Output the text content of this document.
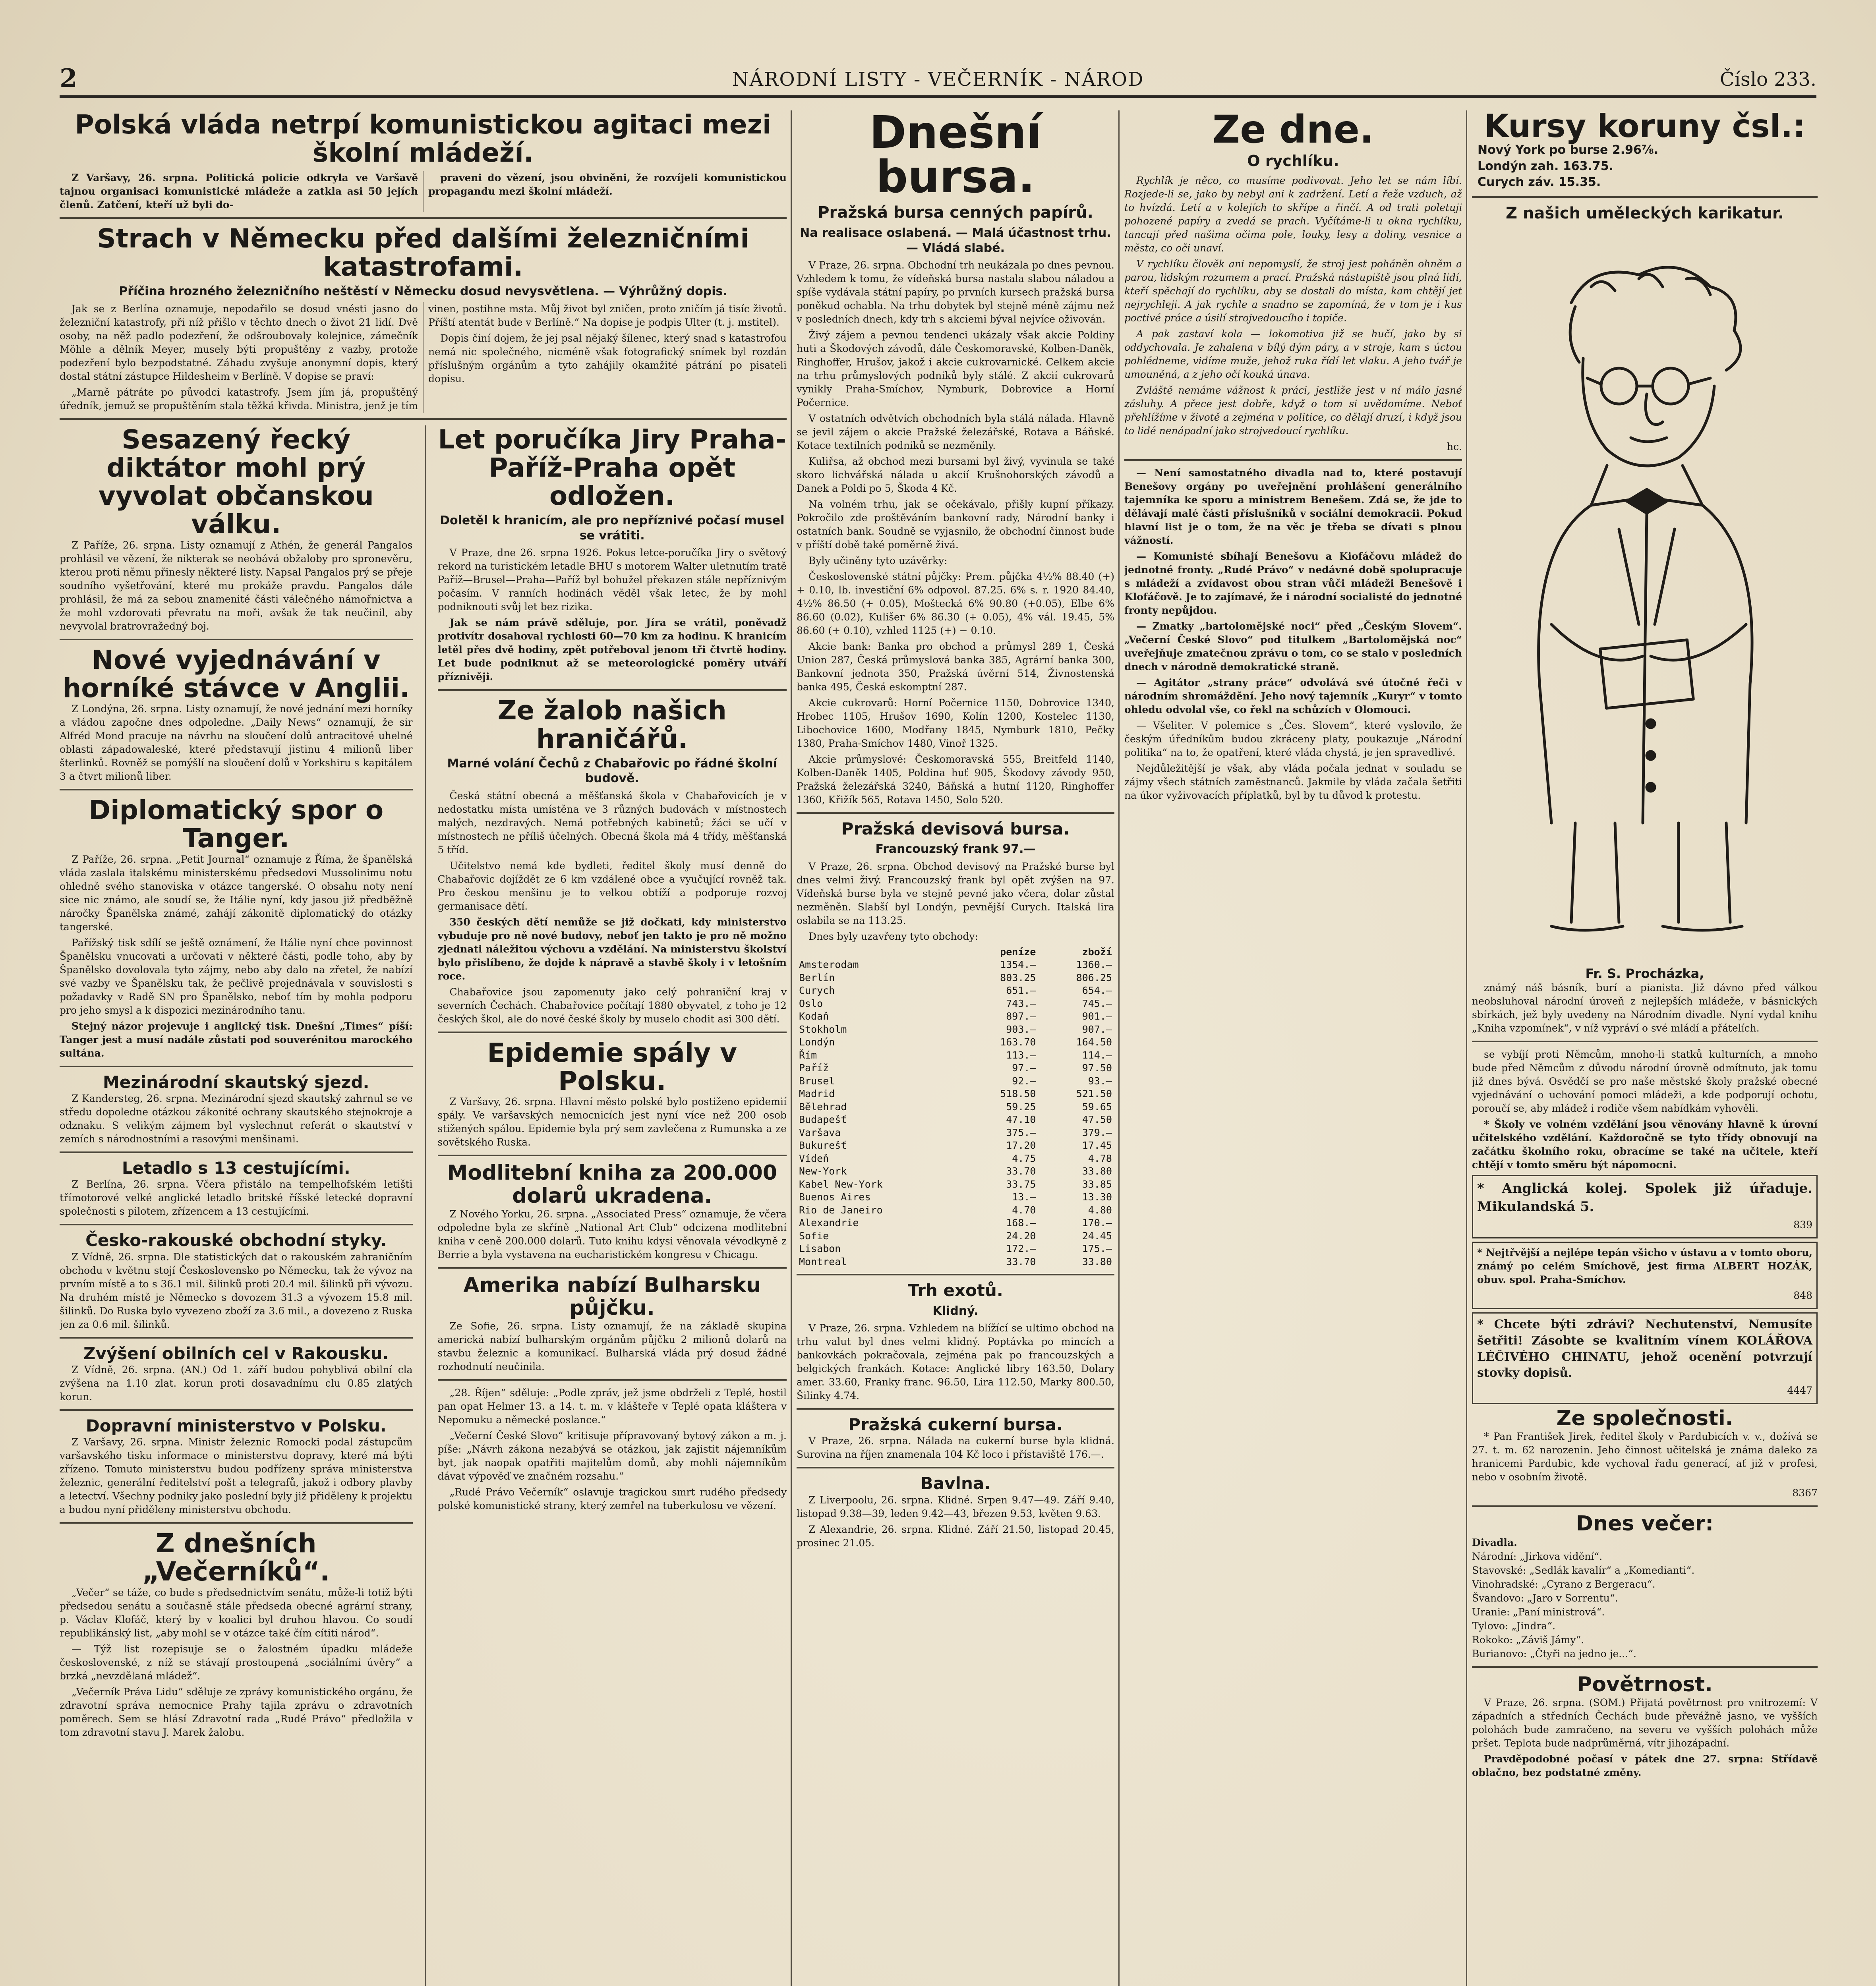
2	NÁRODNÍ LISTY - VEČERNÍK - NÁROD	Číslo 233.
Polská vláda netrpí komunistickou agitaci mezi školní mládeží.

Z Varšavy, 26. srpna. Politická policie odkryla ve Varšavě tajnou organisaci komunistické mládeže a zatkla asi 50 jejích členů. Zatčení, kteří už byli do-

praveni do vězení, jsou obviněni, že rozvíjeli komunistickou propagandu mezi školní mládeží.

Strach v Německu před dalšími železničními katastrofami.
Příčina hrozného železničního neštěstí v Německu dosud nevysvětlena. — Výhrůžný dopis.

Jak se z Berlína oznamuje, nepodařilo se dosud vnésti jasno do železniční katastrofy, při níž přišlo v těchto dnech o život 21 lidí. Dvě osoby, na něž padlo podezření, že odšroubovaly kolejnice, zámečník Möhle a dělník Meyer, musely býti propuštěny z vazby, protože podezření bylo bezpodstatné. Záhadu zvyšuje anonymní dopis, který dostal státní zástupce Hildesheim v Berlíně. V dopise se praví:

„Marně pátráte po původci katastrofy. Jsem jím já, propuštěný úředník, jemuž se propuštěním stala těžká křivda. Ministra, jenž je tím vinen, postihne msta. Můj život byl zničen, proto zničím já tisíc životů. Příští atentát bude v Berlíně.“ Na dopise je podpis Ulter (t. j. mstitel).

Dopis činí dojem, že jej psal nějaký šílenec, který snad s katastrofou nemá nic společného, nicméně však fotografický snímek byl rozdán příslušným orgánům a tyto zahájily okamžité pátrání po pisateli dopisu.

Sesazený řecký diktátor mohl prý vyvolat občanskou válku.

Z Paříže, 26. srpna. Listy oznamují z Athén, že generál Pangalos prohlásil ve vězení, že nikterak se neobává obžaloby pro spronevěru, kterou proti němu přinesly některé listy. Napsal Pangalos prý se přeje soudního vyšetřování, které mu prokáže pravdu. Pangalos dále prohlásil, že má za sebou znamenité části válečného námořnictva a že mohl vzdorovati převratu na moři, avšak že tak neučinil, aby nevyvolal bratrovražedný boj.

Nové vyjednávání v horníké stávce v Anglii.

Z Londýna, 26. srpna. Listy oznamují, že nové jednání mezi horníky a vládou započne dnes odpoledne. „Daily News“ oznamují, že sir Alfréd Mond pracuje na návrhu na sloučení dolů antracitové uhelné oblasti západowaleské, které představují jistinu 4 milionů liber šterlinků. Rovněž se pomýšlí na sloučení dolů v Yorkshiru s kapitálem 3 a čtvrt milionů liber.

Diplomatický spor o Tanger.

Z Paříže, 26. srpna. „Petit Journal“ oznamuje z Říma, že španělská vláda zaslala italskému ministerskému předsedovi Mussolinimu notu ohledně svého stanoviska v otázce tangerské. O obsahu noty není sice nic známo, ale soudí se, že Itálie nyní, kdy jasou již předběžně náročky Španělska známé, zahájí zákonitě diplomatický do otázky tangerské.

Pařížský tisk sdílí se ještě oznámení, že Itálie nyní chce povinnost Španělsku vnucovati a určovati v některé části, podle toho, aby by Španělsko dovolovala tyto zájmy, nebo aby dalo na zřetel, že nabízí své vazby ve Španělsku tak, že pečlivě projednávala v souvislosti s požadavky v Radě SN pro Španělsko, neboť tím by mohla podporu pro jeho smysl a k dispozici mezinárodního tanu.

Stejný názor projevuje i anglický tisk. Dnešní „Times“ píší: Tanger jest a musí nadále zůstati pod souverénitou marockého sultána.

Mezinárodní skautský sjezd.

Z Kandersteg, 26. srpna. Mezinárodní sjezd skautský zahrnul se ve středu dopoledne otázkou zákonité ochrany skautského stejnokroje a odznaku. S velikým zájmem byl vyslechnut referát o skautství v zemích s národnostními a rasovými menšinami.

Letadlo s 13 cestujícími.

Z Berlína, 26. srpna. Včera přistálo na tempelhofském letišti třímotorové velké anglické letadlo britské říšské letecké dopravní společnosti s pilotem, zřízencem a 13 cestujícími.

Česko-rakouské obchodní styky.

Z Vídně, 26. srpna. Dle statistických dat o rakouském zahraničním obchodu v květnu stojí Československo po Německu, tak že vývoz na prvním místě a to s 36.1 mil. šilinků proti 20.4 mil. šilinků při vývozu. Na druhém místě je Německo s dovozem 31.3 a vývozem 15.8 mil. šilinků. Do Ruska bylo vyvezeno zboží za 3.6 mil., a dovezeno z Ruska jen za 0.6 mil. šilinků.

Zvýšení obilních cel v Rakousku.

Z Vídně, 26. srpna. (AN.) Od 1. září budou pohyblivá obilní cla zvýšena na 1.10 zlat. korun proti dosavadnímu clu 0.85 zlatých korun.

Dopravní ministerstvo v Polsku.

Z Varšavy, 26. srpna. Ministr železnic Romocki podal zástupcům varšavského tisku informace o ministerstvu dopravy, které má býti zřízeno. Tomuto ministerstvu budou podřízeny správa ministerstva železnic, generální ředitelství pošt a telegrafů, jakož i odbory plavby a letectví. Všechny podniky jako poslední byly již přiděleny k projektu a budou nyní přiděleny ministerstvu obchodu.

Z dnešních „Večerníků“.

„Večer“ se táže, co bude s předsednictvím senátu, může-li totiž býti předsedou senátu a současně stále předseda obecné agrární strany, p. Václav Klofáč, který by v koalici byl druhou hlavou. Co soudí republikánský list, „aby mohl se v otázce také čím cítiti národ“.

— Týž list rozepisuje se o žalostném úpadku mládeže československé, z níž se stávají prostoupená „sociálními úvěry“ a brzká „nevzdělaná mládež“.

„Večerník Práva Lidu“ sděluje ze zprávy komunistického orgánu, že zdravotní správa nemocnice Prahy tajila zprávu o zdravotních poměrech. Sem se hlásí Zdravotní rada „Rudé Právo“ předložila v tom zdravotní stavu J. Marek žalobu.

Let poručíka Jiry Praha-Paříž-Praha opět odložen.
Doletěl k hranicím, ale pro nepříznivé počasí musel se vrátiti.

V Praze, dne 26. srpna 1926. Pokus letce-poručíka Jiry o světový rekord na turistickém letadle BHU s motorem Walter uletnutím tratě Paříž—Brusel—Praha—Paříž byl bohužel překazen stále nepříznivým počasím. V ranních hodinách věděl však letec, že by mohl podniknouti svůj let bez rizika.

Jak se nám právě sděluje, por. Jíra se vrátil, poněvadž protivítr dosahoval rychlosti 60—70 km za hodinu. K hranicím letěl přes dvě hodiny, zpět potřeboval jenom tři čtvrtě hodiny. Let bude podniknut až se meteorologické poměry utváří příznivěji.

Ze žalob našich hraničářů.
Marné volání Čechů z Chabařovic po řádné školní budově.

Česká státní obecná a měšťanská škola v Chabařovicích je v nedostatku místa umístěna ve 3 různých budovách v místnostech malých, nezdravých. Nemá potřebných kabinetů; žáci se učí v místnostech ne příliš účelných. Obecná škola má 4 třídy, měšťanská 5 tříd.

Učitelstvo nemá kde bydleti, ředitel školy musí denně do Chabařovic dojíždět ze 6 km vzdálené obce a vyučující rovněž tak. Pro českou menšinu je to velkou obtíží a podporuje rozvoj germanisace dětí.

350 českých dětí nemůže se již dočkati, kdy ministerstvo vybuduje pro ně nové budovy, neboť jen takto je pro ně možno zjednati náležitou výchovu a vzdělání. Na ministerstvu školství bylo přislíbeno, že dojde k nápravě a stavbě školy i v letošním roce.

Chabařovice jsou zapomenuty jako celý pohraniční kraj v severních Čechách. Chabařovice počítají 1880 obyvatel, z toho je 12 českých škol, ale do nové české školy by muselo chodit asi 300 dětí.

Epidemie spály v Polsku.

Z Varšavy, 26. srpna. Hlavní město polské bylo postiženo epidemií spály. Ve varšavských nemocnicích jest nyní více než 200 osob stižených spálou. Epidemie byla prý sem zavlečena z Rumunska a ze sovětského Ruska.

Modlitební kniha za 200.000 dolarů ukradena.

Z Nového Yorku, 26. srpna. „Associated Press“ oznamuje, že včera odpoledne byla ze skříně „National Art Club“ odcizena modlitební kniha v ceně 200.000 dolarů. Tuto knihu kdysi věnovala vévodkyně z Berrie a byla vystavena na eucharistickém kongresu v Chicagu.

Amerika nabízí Bulharsku půjčku.

Ze Sofie, 26. srpna. Listy oznamují, že na základě skupina americká nabízí bulharským orgánům půjčku 2 milionů dolarů na stavbu železnic a komunikací. Bulharská vláda prý dosud žádné rozhodnutí neučinila.

„28. Říjen“ sděluje: „Podle zpráv, jež jsme obdrželi z Teplé, hostil pan opat Helmer 13. a 14. t. m. v klášteře v Teplé opata kláštera v Nepomuku a německé poslance.“

„Večerní České Slovo“ kritisuje přípravovaný bytový zákon a m. j. píše: „Návrh zákona nezabývá se otázkou, jak zajistit nájemníkům byt, jak naopak opatřiti majitelům domů, aby mohli nájemníkům dávat výpověď ve značném rozsahu.“

„Rudé Právo Večerník“ oslavuje tragickou smrt rudého předsedy polské komunistické strany, který zemřel na tuberkulosu ve vězení.

Dnešní bursa.
Pražská bursa cenných papírů.
Na realisace oslabená. — Malá účastnost trhu. — Vládá slabé.

V Praze, 26. srpna. Obchodní trh neukázala po dnes pevnou. Vzhledem k tomu, že vídeňská bursa nastala slabou náladou a spíše vydávala státní papíry, po prvních kursech pražská bursa poněkud ochabla. Na trhu dobytek byl stejně méně zájmu než v posledních dnech, kdy trh s akciemi býval nejvíce oživován.

Živý zájem a pevnou tendenci ukázaly však akcie Poldiny huti a Škodových závodů, dále Českomoravské, Kolben-Daněk, Ringhoffer, Hrušov, jakož i akcie cukrovarnické. Celkem akcie na trhu průmyslových podniků byly stálé. Z akcií cukrovarů vynikly Praha-Smíchov, Nymburk, Dobrovice a Horní Počernice.

V ostatních odvětvích obchodních byla stálá nálada. Hlavně se jevil zájem o akcie Pražské železářské, Rotava a Báňské. Kotace textilních podniků se nezměnily.

Kuliřsa, až obchod mezi bursami byl živý, vyvinula se také skoro lichvářská nálada u akcií Krušnohorských závodů a Danek a Poldi po 5, Škoda 4 Kč.

Na volném trhu, jak se očekávalo, přišly kupní příkazy. Pokročilo zde proštěváním bankovní rady, Národní banky i ostatních bank. Soudně se vyjasnilo, že obchodní činnost bude v příští době také poměrně živá.

Byly učiněny tyto uzávěrky:

Československé státní půjčky: Prem. půjčka 4½% 88.40 (+) + 0.10, lb. investiční 6% odpovol. 87.25. 6% s. r. 1920 84.40, 4½% 86.50 (+ 0.05), Moštecká 6% 90.80 (+0.05), Elbe 6% 86.60 (0.02), Kulišer 6% 86.30 (+ 0.05), 4% vál. 19.45, 5% 86.60 (+ 0.10), vzhled 1125 (+) − 0.10.

Akcie bank: Banka pro obchod a průmysl 289 1, Česká Union 287, Česká průmyslová banka 385, Agrární banka 300, Bankovní jednota 350, Pražská úvěrní 514, Živnostenská banka 495, Česká eskomptní 287.

Akcie cukrovarů: Horní Počernice 1150, Dobrovice 1340, Hrobec 1105, Hrušov 1690, Kolín 1200, Kostelec 1130, Libochovice 1600, Modřany 1845, Nymburk 1810, Pečky 1380, Praha-Smíchov 1480, Vinoř 1325.

Akcie průmyslové: Českomoravská 555, Breitfeld 1140, Kolben-Daněk 1405, Poldina huť 905, Škodovy závody 950, Pražská železářská 3240, Báňská a hutní 1120, Ringhoffer 1360, Křižík 565, Rotava 1450, Solo 520.

Pražská devisová bursa.
Francouzský frank 97.—

V Praze, 26. srpna. Obchod devisový na Pražské burse byl dnes velmi živý. Francouzský frank byl opět zvýšen na 97. Vídeňská burse byla ve stejně pevné jako včera, dolar zůstal nezměněn. Slabší byl Londýn, pevnější Curych. Italská lira oslabila se na 113.25.

Dnes byly uzavřeny tyto obchody:

	peníze	zboží
Amsterodam	1354.—	1360.—
Berlín	803.25	806.25
Curych	651.—	654.—
Oslo	743.—	745.—
Kodaň	897.—	901.—
Stokholm	903.—	907.—
Londýn	163.70	164.50
Řím	113.—	114.—
Paříž	97.—	97.50
Brusel	92.—	93.—
Madrid	518.50	521.50
Bělehrad	59.25	59.65
Budapešť	47.10	47.50
Varšava	375.—	379.—
Bukurešť	17.20	17.45
Vídeň	4.75	4.78
New-York	33.70	33.80
Kabel New-York	33.75	33.85
Buenos Aires	13.—	13.30
Rio de Janeiro	4.70	4.80
Alexandrie	168.—	170.—
Sofie	24.20	24.45
Lisabon	172.—	175.—
Montreal	33.70	33.80
Trh exotů.
Klidný.

V Praze, 26. srpna. Vzhledem na blížící se ultimo obchod na trhu valut byl dnes velmi klidný. Poptávka po mincích a bankovkách pokračovala, zejména pak po francouzských a belgických frankách. Kotace: Anglické libry 163.50, Dolary amer. 33.60, Franky franc. 96.50, Lira 112.50, Marky 800.50, Šilinky 4.74.

Pražská cukerní bursa.

V Praze, 26. srpna. Nálada na cukerní burse byla klidná. Surovina na říjen znamenala 104 Kč loco i přístaviště 176.—.

Bavlna.

Z Liverpoolu, 26. srpna. Klidné. Srpen 9.47—49. Září 9.40, listopad 9.38—39, leden 9.42—43, březen 9.53, květen 9.63.

Z Alexandrie, 26. srpna. Klidné. Září 21.50, listopad 20.45, prosinec 21.05.

Ze dne.
O rychlíku.

Rychlík je něco, co musíme podivovat. Jeho let se nám líbí. Rozjede-li se, jako by nebyl ani k zadržení. Letí a řeže vzduch, až to hvízdá. Letí a v kolejích to skřípe a řinčí. A od trati poletují pohozené papíry a zvedá se prach. Vyčítáme-li u okna rychlíku, tancují před našima očima pole, louky, lesy a doliny, vesnice a města, co oči unaví.

V rychlíku člověk ani nepomyslí, že stroj jest poháněn ohněm a parou, lidským rozumem a prací. Pražská nástupiště jsou plná lidí, kteří spěchají do rychlíku, aby se dostali do místa, kam chtějí jet nejrychleji. A jak rychle a snadno se zapomíná, že v tom je i kus poctivé práce a úsilí strojvedoucího i topiče.

A pak zastaví kola — lokomotiva již se hučí, jako by si oddychovala. Je zahalena v bílý dým páry, a v stroje, kam s úctou pohlédneme, vidíme muže, jehož ruka řídí let vlaku. A jeho tvář je umouněná, a z jeho očí kouká únava.

Zvláště nemáme vážnost k práci, jestliže jest v ní málo jasné zásluhy. A přece jest dobře, když o tom si uvědomíme. Neboť přehlížíme v životě a zejména v politice, co dělají druzí, i když jsou to lidé nenápadní jako strojvedoucí rychlíku.

hc.

— Není samostatného divadla nad to, které postavují Benešovy orgány po uveřejnění prohlášení generálního tajemníka ke sporu a ministrem Benešem. Zdá se, že jde to dělávají malé části příslušníků v sociální demokracii. Pokud hlavní list je o tom, že na věc je třeba se dívati s plnou vážností.

— Komunisté sbíhají Benešovu a Kiofáčovu mládež do jednotné fronty. „Rudé Právo“ v nedávné době spolupracuje s mládeží a zvídavost obou stran vůči mládeži Benešově i Klofáčově. Je to zajímavé, že i národní socialisté do jednotné fronty nepůjdou.

— Zmatky „bartolomějské noci“ před „Českým Slovem“. „Večerní České Slovo“ pod titulkem „Bartolomějská noc“ uveřejňuje zmatečnou zprávu o tom, co se stalo v posledních dnech v národně demokratické straně.

— Agitátor „strany práce“ odvolává své útočné řeči v národním shromáždění. Jeho nový tajemník „Kuryr“ v tomto ohledu odvolal vše, co řekl na schůzích v Olomouci.

— Všeliter. V polemice s „Čes. Slovem“, které vyslovilo, že českým úředníkům budou zkráceny platy, poukazuje „Národní politika“ na to, že opatření, které vláda chystá, je jen spravedlivé.

Nejdůležitější je však, aby vláda počala jednat v souladu se zájmy všech státních zaměstnanců. Jakmile by vláda začala šetřiti na úkor vyživovacích příplatků, byl by tu důvod k protestu.

Kursy koruny čsl.:
Nový York po burse 2.96⅞.
Londýn zah. 163.75.
Curych záv. 15.35.
Z našich uměleckých karikatur.
Fr. S. Procházka,

známý náš básník, burí a pianista. Již dávno před válkou neobsluhoval národní úroveň z nejlepších mládeže, v básnických sbírkách, jež byly uvedeny na Národním divadle. Nyní vydal knihu „Kniha vzpomínek“, v níž vypráví o své mládí a přátelích.

se vybíjí proti Němcům, mnoho-li statků kulturních, a mnoho bude před Němcům z důvodu národní úrovně odmítnuto, jak tomu již dnes bývá. Osvědčí se pro naše městské školy pražské obecné vyjednávání o uchování pomoci mládeži, a kde podporují ochotu, poroučí se, aby mládež i rodiče všem nabídkám vyhověli.

* Školy ve volném vzdělání jsou věnovány hlavně k úrovní učitelského vzdělání. Každoročně se tyto třídy obnovují na začátku školního roku, obracíme se také na učitele, kteří chtějí v tomto směru být nápomocni.

* Anglická kolej. Spolek již úřaduje. Mikulandská 5.

839

* Nejtřvější a nejlépe tepán všicho v ústavu a v tomto oboru, známý po celém Smíchově, jest firma ALBERT HOZÁK, obuv. spol. Praha-Smíchov.

848

* Chcete býti zdrávi? Nechutenství, Nemusíte šetřiti! Zásobte se kvalitním vínem KOLÁŘOVA LÉČIVÉHO CHINATU, jehož ocenění potvrzují stovky dopisů.

4447

Ze společnosti.

* Pan František Jirek, ředitel školy v Pardubicích v. v., dožívá se 27. t. m. 62 narozenin. Jeho činnost učitelská je známa daleko za hranicemi Pardubic, kde vychoval řadu generací, ať již v profesi, nebo v osobním životě.

8367

Dnes večer:
Divadla.
Národní: „Jirkova vidění“.
Stavovské: „Sedlák kavalír“ a „Komedianti“.
Vinohradské: „Cyrano z Bergeracu“.
Švandovo: „Jaro v Sorrentu“.
Uranie: „Paní ministrová“.
Tylovo: „Jindra“.
Rokoko: „Záviš Jámy“.
Burianovo: „Čtyři na jedno je...“.
Povětrnost.

V Praze, 26. srpna. (SOM.) Přijatá povětrnost pro vnitrozemí: V západních a středních Čechách bude převážně jasno, ve vyšších polohách bude zamračeno, na severu ve vyšších polohách může pršet. Teplota bude nadprůměrná, vítr jihozápadní.

Pravděpodobné počasí v pátek dne 27. srpna: Střídavě oblačno, bez podstatné změny.
